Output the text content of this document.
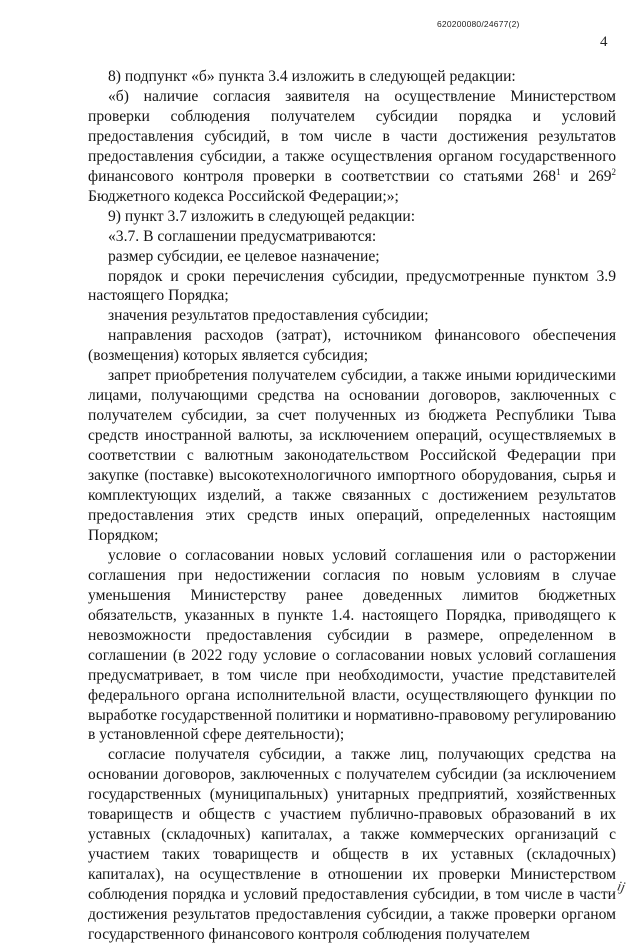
620200080/24677(2)
4

8) подпункт «б» пункта 3.4 изложить в следующей редакции:

«б) наличие согласия заявителя на осуществление Министерством проверки соблюдения получателем субсидии порядка и условий предоставления субсидий, в том числе в части достижения результатов предоставления субсидии, а также осуществления органом государственного финансового контроля проверки в соответствии со статьями $268^1$ и $269^2$ Бюджетного кодекса Российской Федерации;»;

9) пункт 3.7 изложить в следующей редакции:

«3.7. В соглашении предусматриваются:

размер субсидии, ее целевое назначение;

порядок и сроки перечисления субсидии, предусмотренные пунктом 3.9 настоящего Порядка;

значения результатов предоставления субсидии;

направления расходов (затрат), источником финансового обеспечения (возмещения) которых является субсидия;

запрет приобретения получателем субсидии, а также иными юридическими лицами, получающими средства на основании договоров, заключенных с получателем субсидии, за счет полученных из бюджета Республики Тыва средств иностранной валюты, за исключением операций, осуществляемых в соответствии с валютным законодательством Российской Федерации при закупке (поставке) высокотехнологичного импортного оборудования, сырья и комплектующих изделий, а также связанных с достижением результатов предоставления этих средств иных операций, определенных настоящим Порядком;

условие о согласовании новых условий соглашения или о расторжении соглашения при недостижении согласия по новым условиям в случае уменьшения Министерству ранее доведенных лимитов бюджетных обязательств, указанных в пункте 1.4. настоящего Порядка, приводящего к невозможности предоставления субсидии в размере, определенном в соглашении (в 2022 году условие о согласовании новых условий соглашения предусматривает, в том числе при необходимости, участие представителей федерального органа исполнительной власти, осуществляющего функции по выработке государственной политики и нормативно-правовому регулированию в установленной сфере деятельности);

согласие получателя субсидии, а также лиц, получающих средства на основании договоров, заключенных с получателем субсидии (за исключением государственных (муниципальных) унитарных предприятий, хозяйственных товариществ и обществ с участием публично-правовых образований в их уставных (складочных) капиталах, а также коммерческих организаций с участием таких товариществ и обществ в их уставных (складочных) капиталах), на осуществление в отношении их проверки Министерством соблюдения порядка и условий предоставления субсидии, в том числе в части достижения результатов предоставления субсидии, а также проверки органом государственного финансового контроля соблюдения получателем

ij
